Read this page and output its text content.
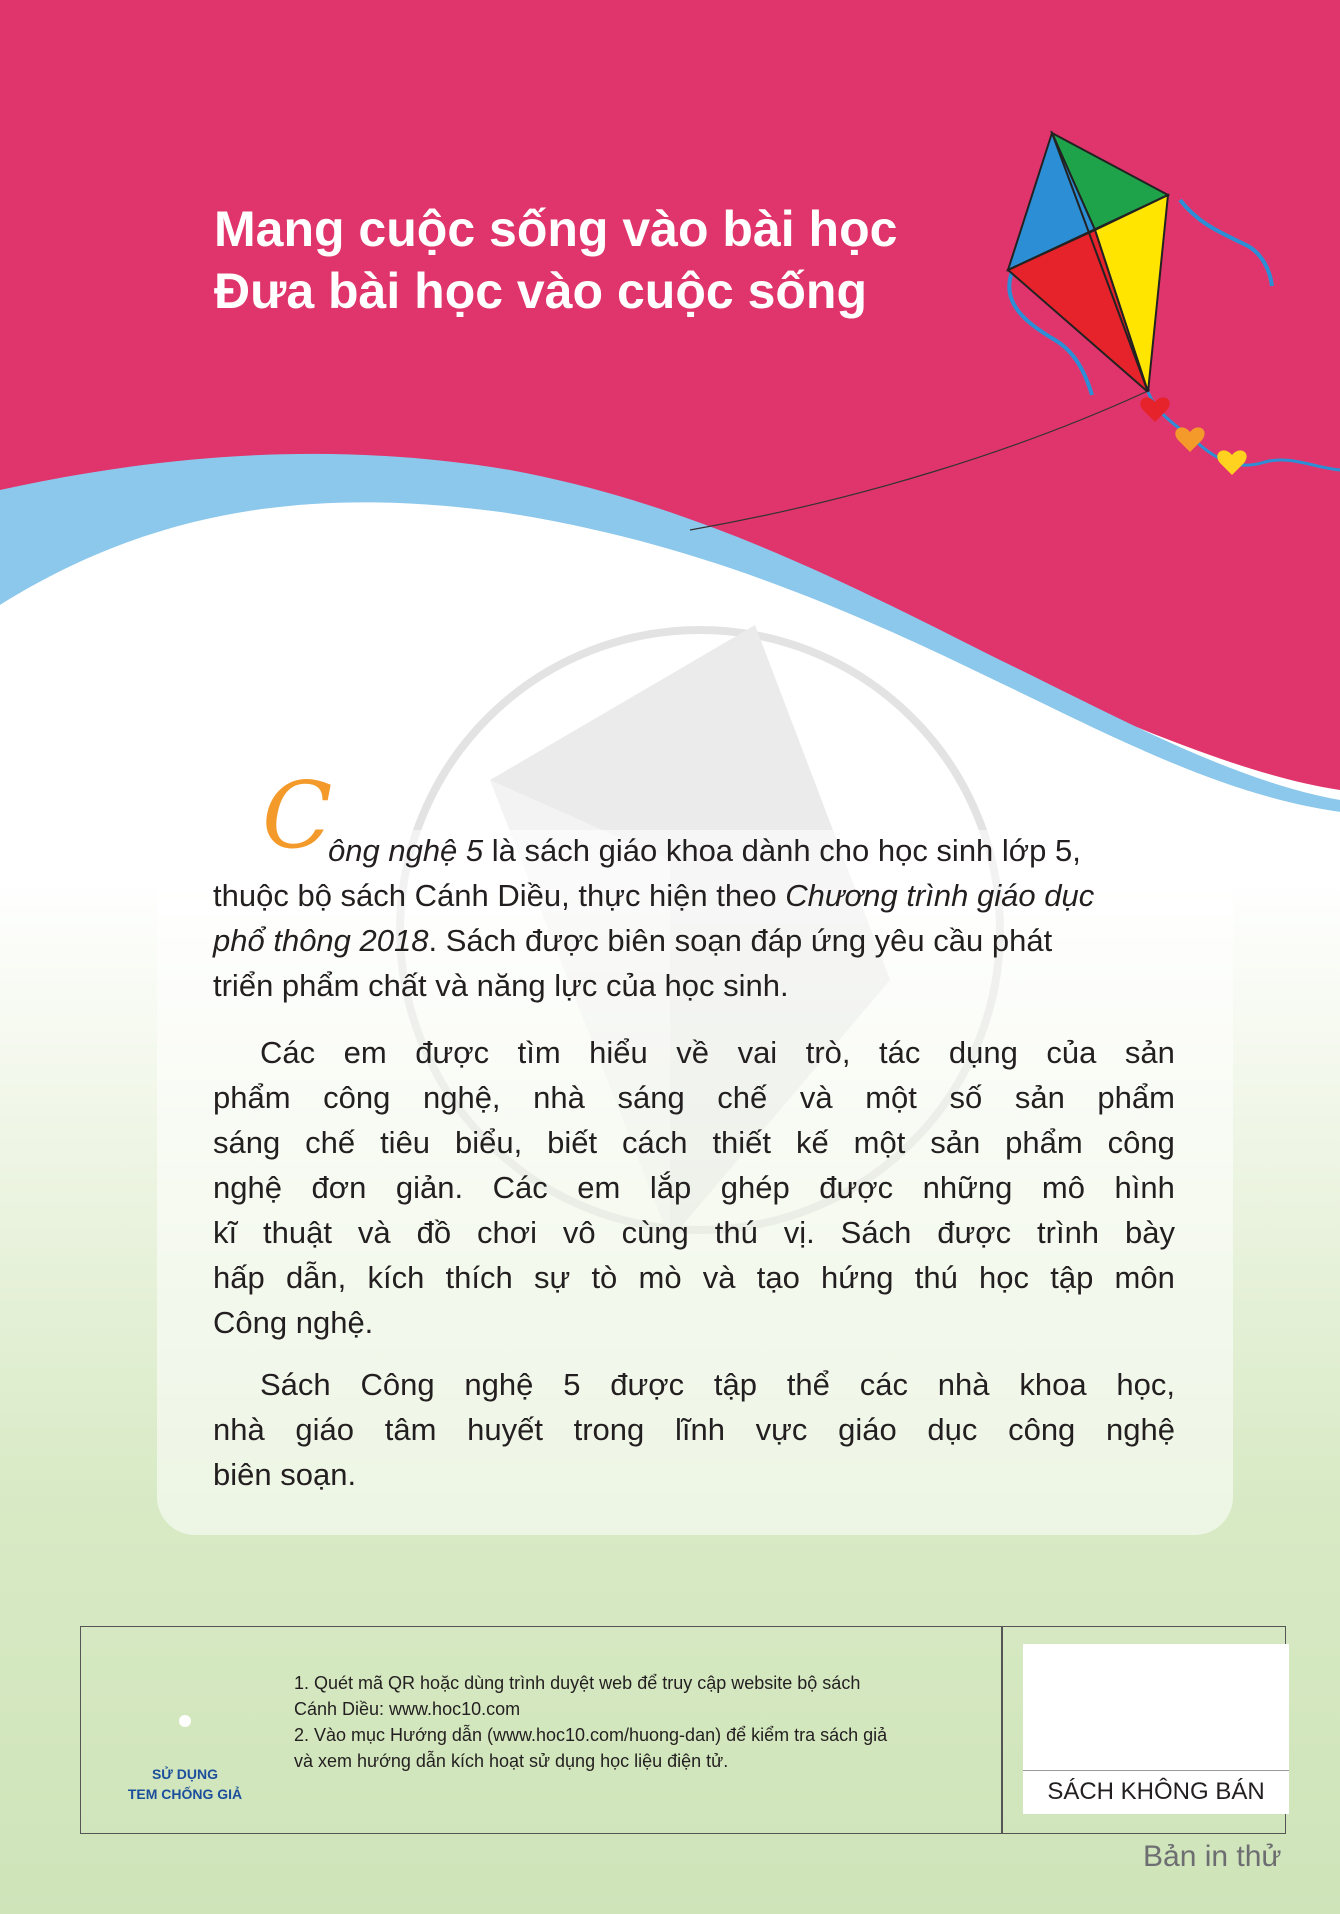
Mang cuộc sống vào bài học
Đưa bài học vào cuộc sống
C
ông nghệ 5 là sách giáo khoa dành cho học sinh lớp 5,
thuộc bộ sách Cánh Diều, thực hiện theo Chương trình giáo dục
phổ thông 2018. Sách được biên soạn đáp ứng yêu cầu phát
triển phẩm chất và năng lực của học sinh.
Các em được tìm hiểu về vai trò, tác dụng của sản
phẩm công nghệ, nhà sáng chế và một số sản phẩm
sáng chế tiêu biểu, biết cách thiết kế một sản phẩm công
nghệ đơn giản. Các em lắp ghép được những mô hình
kĩ thuật và đồ chơi vô cùng thú vị. Sách được trình bày
hấp dẫn, kích thích sự tò mò và tạo hứng thú học tập môn
Công nghệ.
Sách Công nghệ 5 được tập thể các nhà khoa học,
nhà giáo tâm huyết trong lĩnh vực giáo dục công nghệ
biên soạn.
SỬ DỤNG
TEM CHỐNG GIẢ
1. Quét mã QR hoặc dùng trình duyệt web để truy cập website bộ sách
Cánh Diều: www.hoc10.com
2. Vào mục Hướng dẫn (www.hoc10.com/huong-dan) để kiểm tra sách giả
và xem hướng dẫn kích hoạt sử dụng học liệu điện tử.
SÁCH KHÔNG BÁN
Bản in thử
